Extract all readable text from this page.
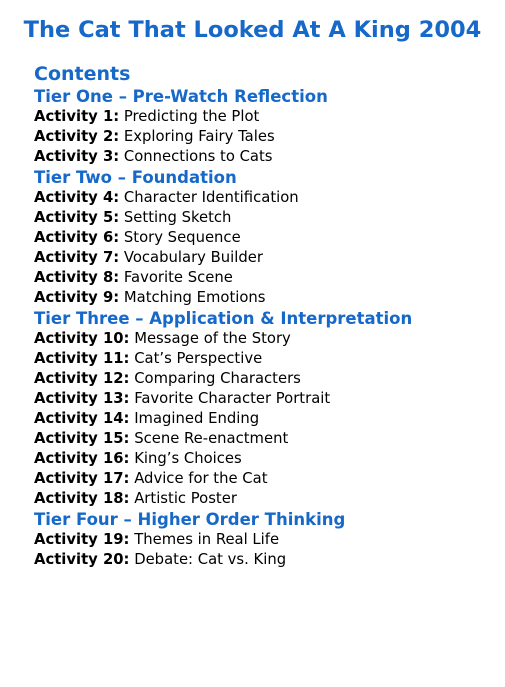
The Cat That Looked At A King 2004
Contents
Tier One – Pre-Watch Reflection
Activity 1: Predicting the Plot
Activity 2: Exploring Fairy Tales
Activity 3: Connections to Cats
Tier Two – Foundation
Activity 4: Character Identification
Activity 5: Setting Sketch
Activity 6: Story Sequence
Activity 7: Vocabulary Builder
Activity 8: Favorite Scene
Activity 9: Matching Emotions
Tier Three – Application & Interpretation
Activity 10: Message of the Story
Activity 11: Cat’s Perspective
Activity 12: Comparing Characters
Activity 13: Favorite Character Portrait
Activity 14: Imagined Ending
Activity 15: Scene Re-enactment
Activity 16: King’s Choices
Activity 17: Advice for the Cat
Activity 18: Artistic Poster
Tier Four – Higher Order Thinking
Activity 19: Themes in Real Life
Activity 20: Debate: Cat vs. King
